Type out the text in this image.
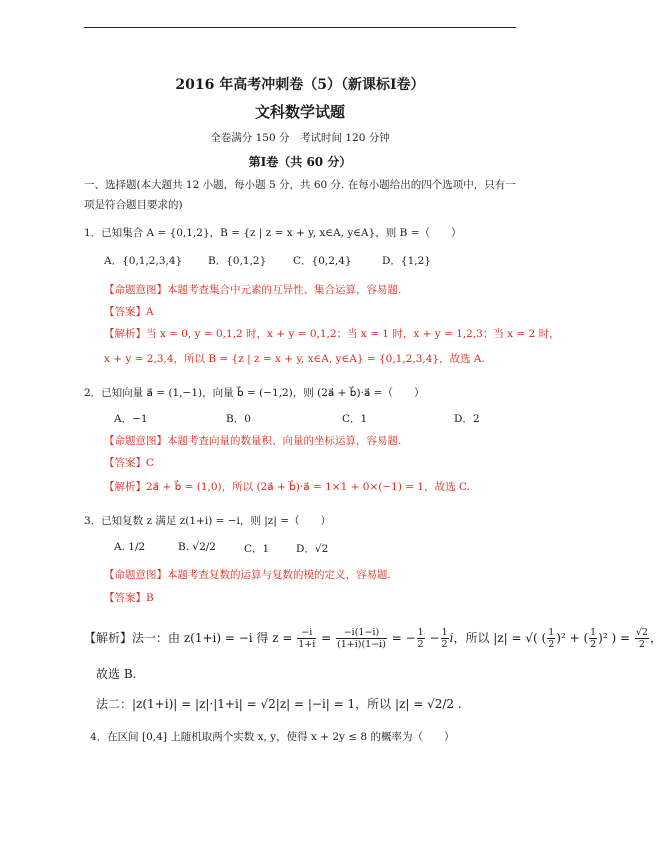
2016 年高考冲刺卷（5）（新课标Ⅰ卷）
文科数学试题
全卷满分 150 分　考试时间 120 分钟
第Ⅰ卷（共 60 分）
一、选择题(本大题共 12 小题，每小题 5 分，共 60 分. 在每小题给出的四个选项中，只有一
项是符合题目要求的)
1．已知集合 A = {0,1,2}，B = {z | z = x + y, x∈A, y∈A}，则 B =（　　）
A．{0,1,2,3,4} B．{0,1,2}	C．{0,2,4}	D．{1,2}
【命题意图】本题考查集合中元素的互异性、集合运算，容易题.
【答案】A
【解析】当 x = 0, y = 0,1,2 时，x + y = 0,1,2；当 x = 1 时，x + y = 1,2,3；当 x = 2 时，
x + y = 2,3,4，所以 B = {z | z = x + y, x∈A, y∈A} = {0,1,2,3,4}，故选 A.
2．已知向量 a⃗ = (1,−1)，向量 b⃗ = (−1,2)，则 (2a⃗ + b⃗)·a⃗ =（　　）
A．−1	B．0	C．1	D．2
【命题意图】本题考查向量的数量积、向量的坐标运算，容易题.
【答案】C
【解析】2a⃗ + b⃗ = (1,0)，所以 (2a⃗ + b⃗)·a⃗ = 1×1 + 0×(−1) = 1，故选 C.
3．已知复数 z 满足 z(1+i) = −i，则 |z| =（　　）
A. 1/2	B. √2/2	C．1	D．√2
【命题意图】本题考查复数的运算与复数的模的定义，容易题.
【答案】B
【解析】法一：由 z(1+i) = −i 得 $z = \frac{-i}{1+i} = \frac{-i(1-i)}{(1+i)(1-i)}$ = − $\frac{1}{2} - \frac{1}{2}$ i，所以 |z| = √( ( $\frac{1}{2} )^2$ + ( $\frac{1}{2} )^2$ ) = $\frac{√2}{2}$ ，
故选 B.
法二：|z(1+i)| = |z|·|1+i| = √2|z| = |−i| = 1，所以 |z| = √2/2 .
4．在区间 [0,4] 上随机取两个实数 x, y，使得 x + 2y ≤ 8 的概率为（　　）
